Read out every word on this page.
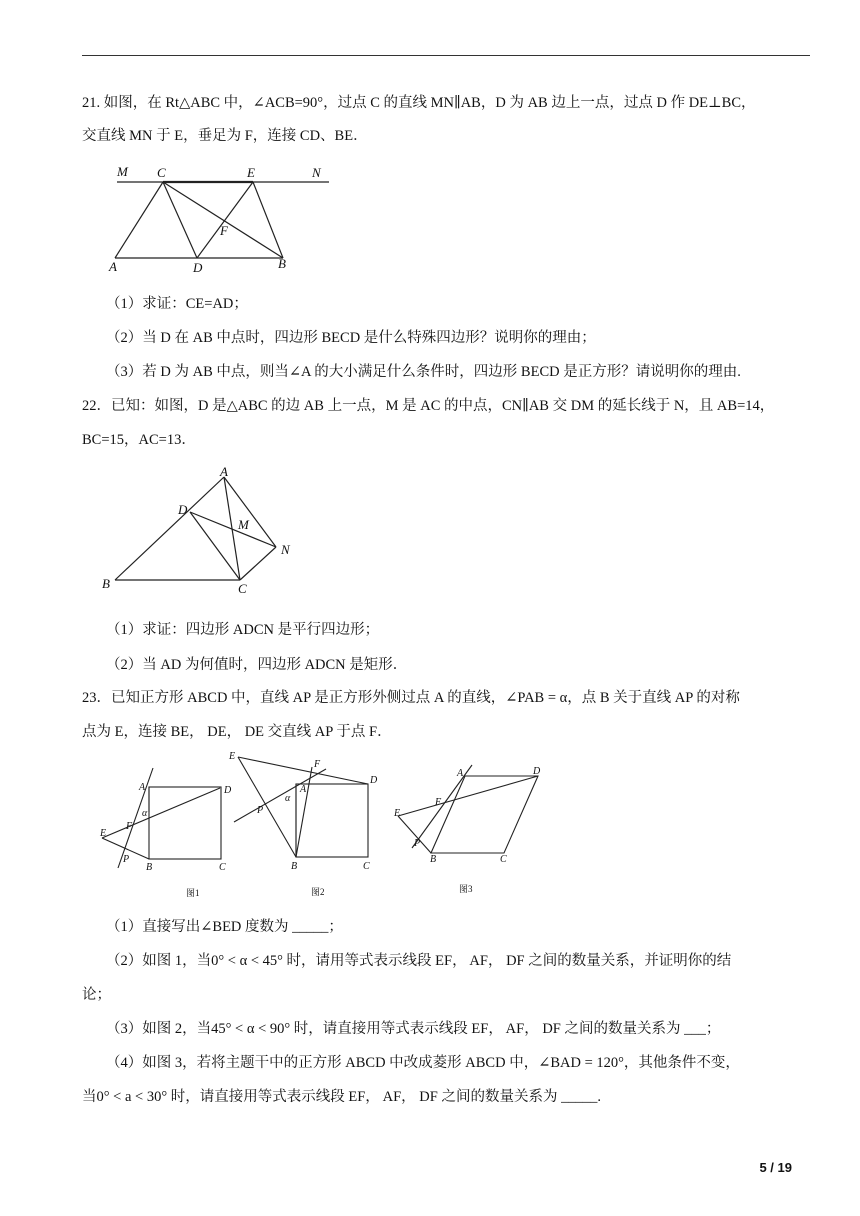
21. 如图，在 Rt△ABC 中，∠ACB=90°，过点 C 的直线 MN∥AB，D 为 AB 边上一点，过点 D 作 DE⊥BC，
交直线 MN 于 E，垂足为 F，连接 CD、BE．
M C	E	N
F
A	D	B
（1）求证：CE=AD；
（2）当 D 在 AB 中点时，四边形 BECD 是什么特殊四边形？说明你的理由；
（3）若 D 为 AB 中点，则当∠A 的大小满足什么条件时，四边形 BECD 是正方形？请说明你的理由.
22．已知：如图，D 是△ABC 的边 AB 上一点，M 是 AC 的中点，CN∥AB 交 DM 的延长线于 N，且 AB=14，
BC=15，AC=13．
A
D
M
N
B	C
（1）求证：四边形 ADCN 是平行四边形；
（2）当 AD 为何值时，四边形 ADCN 是矩形．
23．已知正方形 ABCD 中，直线 AP 是正方形外侧过点 A 的直线，∠PAB = α，点 B 关于直线 AP 的对称
点为 E，连接 BE， DE， DE 交直线 AP 于点 F．
A	D
α
F
E
P
B	C
图1
E
F
D
A
α
P
B	C
图2
A	D
F
E
P
B	C
图3
（1）直接写出∠BED 度数为 _____；
（2）如图 1，当0° < α < 45° 时，请用等式表示线段 EF， AF， DF 之间的数量关系，并证明你的结
论；
（3）如图 2，当45° < α < 90° 时，请直接用等式表示线段 EF， AF， DF 之间的数量关系为 ___；
（4）如图 3，若将主题干中的正方形 ABCD 中改成菱形 ABCD 中，∠BAD = 120°，其他条件不变，
当0° < a < 30° 时，请直接用等式表示线段 EF， AF， DF 之间的数量关系为 _____.
5 / 19
